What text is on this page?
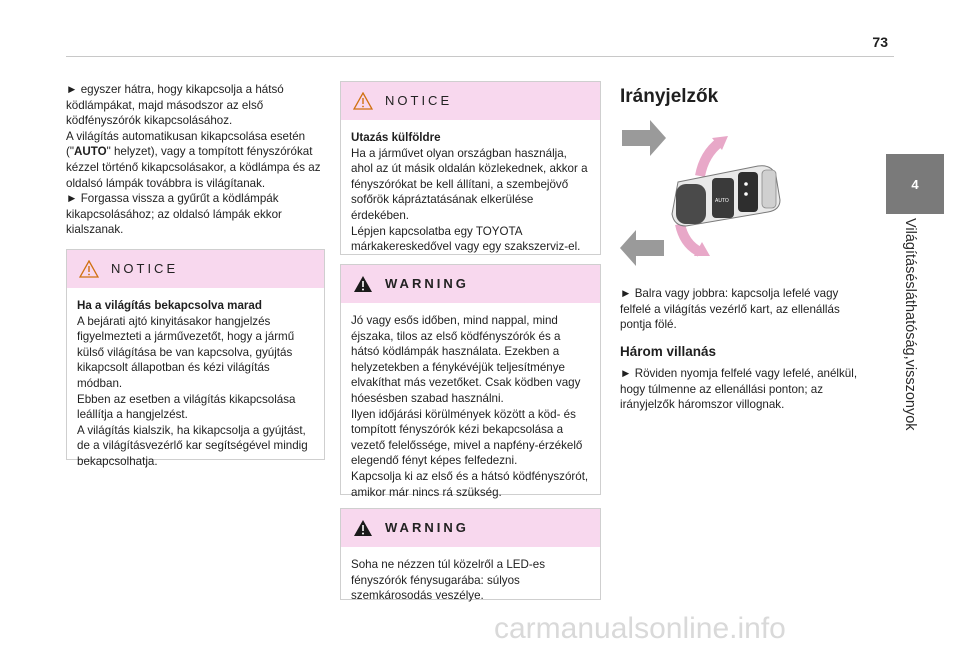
73
4
Világításésláthatóság,visszonyok

► egyszer hátra, hogy kikapcsolja a hátsó ködlámpákat, majd másodszor az első ködfényszórók kikapcsolásához.

A világítás automatikusan kikapcsolása esetén ("AUTO" helyzet), vagy a tompított fényszórókat kézzel történő kikapcsolásakor, a ködlámpa és az oldalsó lámpák továbbra is világítanak.

► Forgassa vissza a gyűrűt a ködlámpák kikapcsolásához; az oldalsó lámpák ekkor kialszanak.

NOTICE
Ha a világítás bekapcsolva marad
A bejárati ajtó kinyitásakor hangjelzés figyelmezteti a járművezetőt, hogy a jármű külső világítása be van kapcsolva, gyújtás kikapcsolt állapotban és kézi világítás módban.
Ebben az esetben a világítás kikapcsolása leállítja a hangjelzést.
A világítás kialszik, ha kikapcsolja a gyújtást, de a világításvezérlő kar segítségével mindig bekapcsolhatja.
NOTICE
Utazás külföldre
Ha a járművet olyan országban használja, ahol az út másik oldalán közlekednek, akkor a fényszórókat be kell állítani, a szembejövő sofőrök kápráztatásának elkerülése érdekében.
Lépjen kapcsolatba egy TOYOTA márkakereskedővel vagy egy szakszerviz-el.
WARNING
Jó vagy esős időben, mind nappal, mind éjszaka, tilos az első ködfényszórók és a hátsó ködlámpák használata. Ezekben a helyzetekben a fénykévéjük teljesítménye elvakíthat más vezetőket. Csak ködben vagy hóesésben szabad használni.
Ilyen időjárási körülmények között a köd- és tompított fényszórók kézi bekapcsolása a vezető felelőssége, mivel a napfény-érzékelő elegendő fényt képes felfedezni.
Kapcsolja ki az első és a hátsó ködfényszórót, amikor már nincs rá szükség.
WARNING
Soha ne nézzen túl közelről a LED-es fényszórók fénysugarába: súlyos szemkárosodás veszélye.
Irányjelzők
AUTO

► Balra vagy jobbra: kapcsolja lefelé vagy felfelé a világítás vezérlő kart, az ellenállás pontja fölé.

Három villanás

► Röviden nyomja felfelé vagy lefelé, anélkül, hogy túlmenne az ellenállási ponton; az irányjelzők háromszor villognak.

carmanualsonline.info
